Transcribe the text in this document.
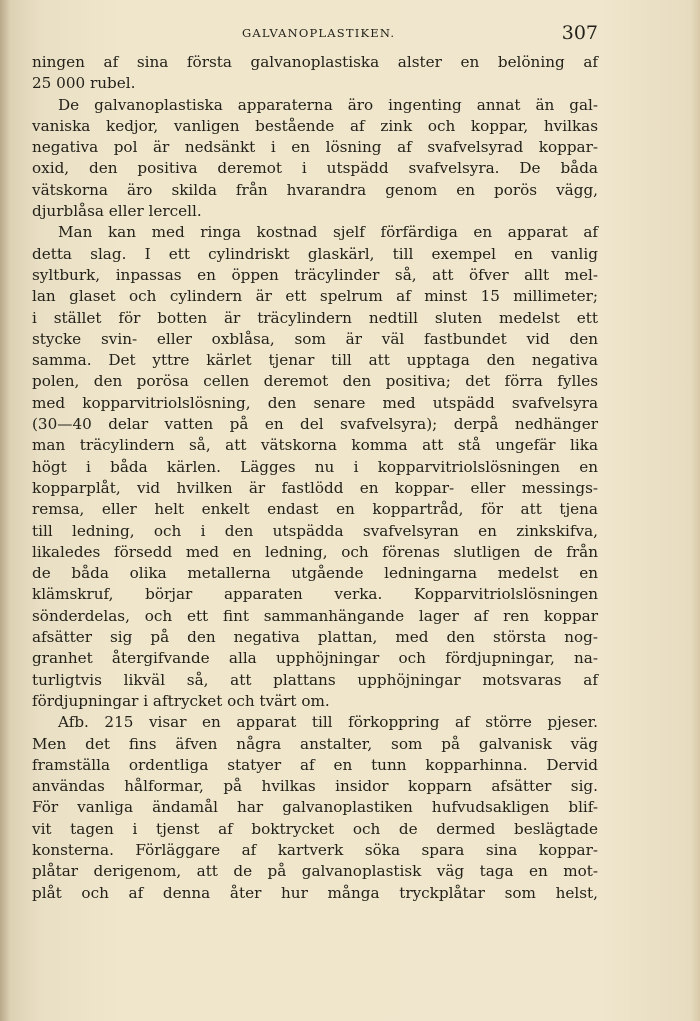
GALVANOPLASTIKEN.	307
ningen af sina första galvanoplastiska alster en belöning af
25 000 rubel.
De galvanoplastiska apparaterna äro ingenting annat än gal-
vaniska kedjor, vanligen bestående af zink och koppar, hvilkas
negativa pol är nedsänkt i en lösning af svafvelsyrad koppar-
oxid, den positiva deremot i utspädd svafvelsyra. De båda
vätskorna äro skilda från hvarandra genom en porös vägg,
djurblåsa eller lercell.
Man kan med ringa kostnad sjelf förfärdiga en apparat af
detta slag. I ett cylindriskt glaskärl, till exempel en vanlig
syltburk, inpassas en öppen träcylinder så, att öfver allt mel-
lan glaset och cylindern är ett spelrum af minst 15 millimeter;
i stället för botten är träcylindern nedtill sluten medelst ett
stycke svin- eller oxblåsa, som är väl fastbundet vid den
samma. Det yttre kärlet tjenar till att upptaga den negativa
polen, den porösa cellen deremot den positiva; det förra fylles
med kopparvitriolslösning, den senare med utspädd svafvelsyra
(30—40 delar vatten på en del svafvelsyra); derpå nedhänger
man träcylindern så, att vätskorna komma att stå ungefär lika
högt i båda kärlen. Lägges nu i kopparvitriolslösningen en
kopparplåt, vid hvilken är fastlödd en koppar- eller messings-
remsa, eller helt enkelt endast en koppartråd, för att tjena
till ledning, och i den utspädda svafvelsyran en zinkskifva,
likaledes försedd med en ledning, och förenas slutligen de från
de båda olika metallerna utgående ledningarna medelst en
klämskruf, börjar apparaten verka. Kopparvitriolslösningen
sönderdelas, och ett fint sammanhängande lager af ren koppar
afsätter sig på den negativa plattan, med den största nog-
granhet återgifvande alla upphöjningar och fördjupningar, na-
turligtvis likväl så, att plattans upphöjningar motsvaras af
fördjupningar i aftrycket och tvärt om.
Afb. 215 visar en apparat till förkoppring af större pjeser.
Men det fins äfven några anstalter, som på galvanisk väg
framställa ordentliga statyer af en tunn kopparhinna. Dervid
användas hålformar, på hvilkas insidor kopparn afsätter sig.
För vanliga ändamål har galvanoplastiken hufvudsakligen blif-
vit tagen i tjenst af boktrycket och de dermed beslägtade
konsterna. Förläggare af kartverk söka spara sina koppar-
plåtar derigenom, att de på galvanoplastisk väg taga en mot-
plåt och af denna åter hur många tryckplåtar som helst,
